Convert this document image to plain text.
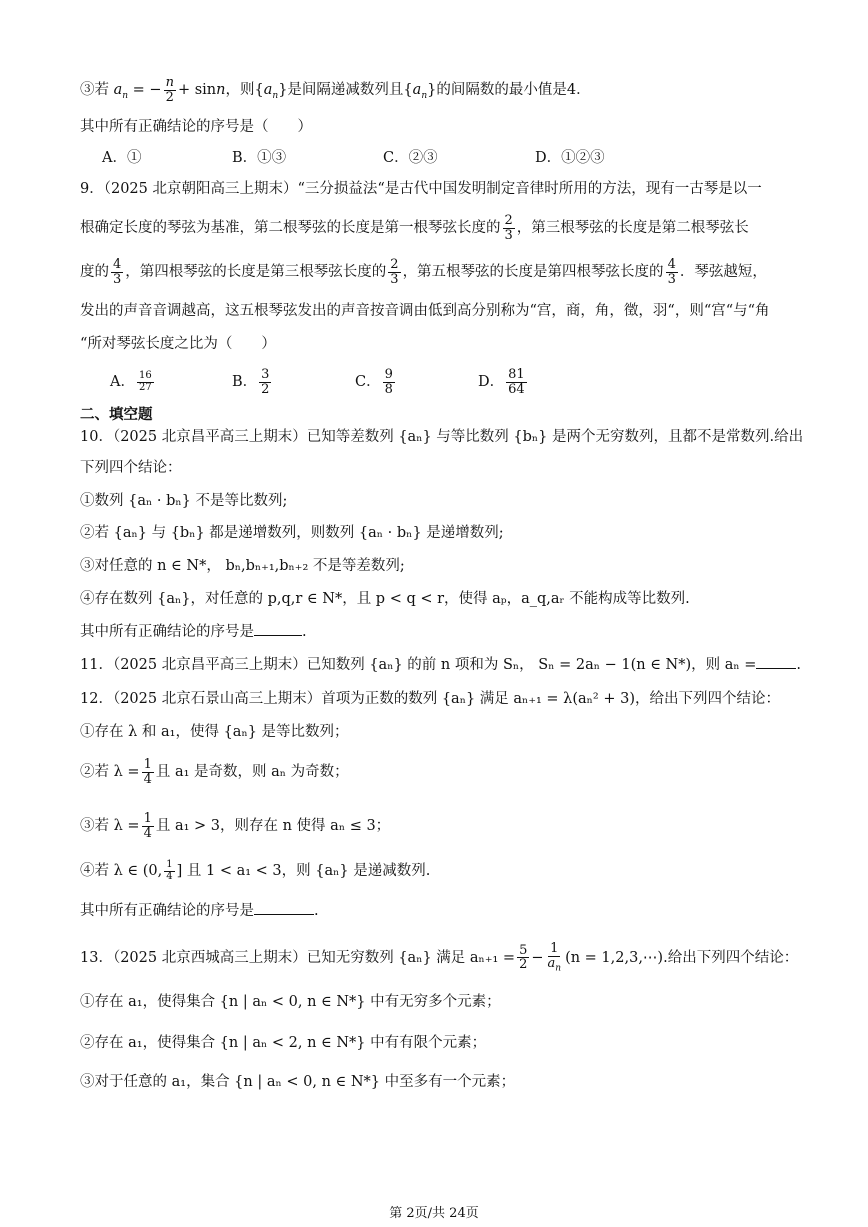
③若 $a_n$ = − $\frac{n}{2} + \sin n$，则$\{a_n\}$是间隔递减数列且$\{a_n\}$的间隔数的最小值是4．
其中所有正确结论的序号是（　　）
A．①	B．①③	C．②③	D．①②③
9．（2025 北京朝阳高三上期末）“三分损益法“是古代中国发明制定音律时所用的方法，现有一古琴是以一
根确定长度的琴弦为基准，第二根琴弦的长度是第一根琴弦长度的 $\frac{2}{3}$ ，第三根琴弦的长度是第二根琴弦长
度的 $\frac{4}{3}$ ，第四根琴弦的长度是第三根琴弦长度的 $\frac{2}{3}$ ，第五根琴弦的长度是第四根琴弦长度的 $\frac{4}{3}$ ．琴弦越短，
发出的声音音调越高，这五根琴弦发出的声音按音调由低到高分别称为“宫，商，角，徵，羽“，则“宫“与“角
“所对琴弦长度之比为（　　）
A． $\frac{16}{27}$	B． $\frac{3}{2}$	C． $\frac{9}{8}$	D． $\frac{81}{64}$
二、填空题
10．（2025 北京昌平高三上期末）已知等差数列 {aₙ} 与等比数列 {bₙ} 是两个无穷数列，且都不是常数列.给出
下列四个结论：
①数列 {aₙ · bₙ} 不是等比数列;
②若 {aₙ} 与 {bₙ} 都是递增数列，则数列 {aₙ · bₙ} 是递增数列;
③对任意的 n ∈ N*， bₙ,bₙ₊₁,bₙ₊₂ 不是等差数列;
④存在数列 {aₙ}，对任意的 p,q,r ∈ N*，且 p < q < r，使得 aₚ，a_q,aᵣ 不能构成等比数列.
其中所有正确结论的序号是	.
11．（2025 北京昌平高三上期末）已知数列 {aₙ} 的前 n 项和为 Sₙ， Sₙ = 2aₙ − 1(n ∈ N*)，则 aₙ =	.
12．（2025 北京石景山高三上期末）首项为正数的数列 {aₙ} 满足 aₙ₊₁ = λ(aₙ² + 3)，给出下列四个结论：
①存在 λ 和 a₁，使得 {aₙ} 是等比数列；
②若 $\lambda = \frac{1}{4}$ 且 a₁ 是奇数，则 aₙ 为奇数；
③若 $\lambda = \frac{1}{4}$ 且 a₁ > 3，则存在 n 使得 aₙ ≤ 3；
④若 λ ∈ (0, $\frac{1}{4}$ ] 且 1 < a₁ < 3，则 {aₙ} 是递减数列.
其中所有正确结论的序号是	.
13．（2025 北京西城高三上期末）已知无穷数列 {aₙ} 满足 $a_{n+1} = \frac{5}{2} - \frac{1}{a_n} (n$ = 1,2,3,⋯).给出下列四个结论：
①存在 a₁，使得集合 {n | aₙ < 0, n ∈ N*} 中有无穷多个元素；
②存在 a₁，使得集合 {n | aₙ < 2, n ∈ N*} 中有有限个元素；
③对于任意的 a₁，集合 {n | aₙ < 0, n ∈ N*} 中至多有一个元素；
第 2页/共 24页
